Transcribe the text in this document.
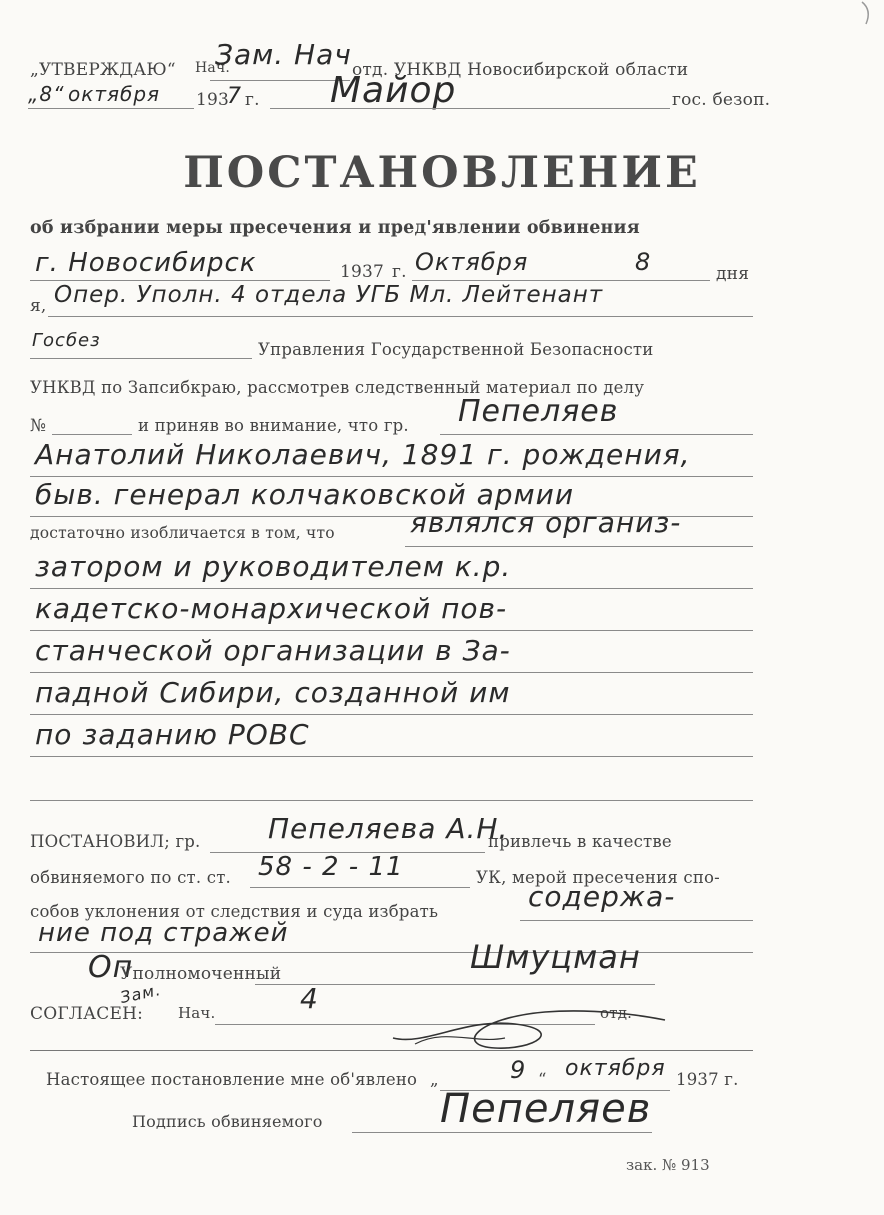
„УТВЕРЖДАЮ“ Нач.
Зам. Нач отд. УНКВД Новосибирской области
„8“ октября 193
7 г. Майор	гос. безоп.
ПОСТАНОВЛЕНИЕ
об избрании меры пресечения и пред'явлении обвинения
г. Новосибирск	1937 г. Октября	8	дня
я, Опер. Уполн. 4 отдела УГБ Мл. Лейтенант
Госбез	Управления Государственной Безопасности
УНКВД по Запсибкраю, рассмотрев следственный материал по делу
№	и приняв во внимание, что гр. Пепеляев
Анатолий Николаевич, 1891 г. рождения,
быв. генерал колчаковской армии
достаточно изобличается в том, что	являлся организ-
затором и руководителем к.р.
кадетско-монархической пов-
станческой организации в За-
падной Сибири, созданной им
по заданию РОВС
ПОСТАНОВИЛ; гр. Пепеляева А.Н.
привлечь в качестве
обвиняемого по ст. ст. 58 - 2 - 11	УК, мерой пресечения спо-
собов уклонения от следствия и суда избрать	содержа-
ние под стражей
Оп
Уполномоченный	Шмуцман
СОГЛАСЕН:
Зам.
Нач.	4	отд.
Настоящее постановление мне об'явлено „	9 “ октября 1937 г.
Подпись обвиняемого	Пепеляев
зак. № 913
